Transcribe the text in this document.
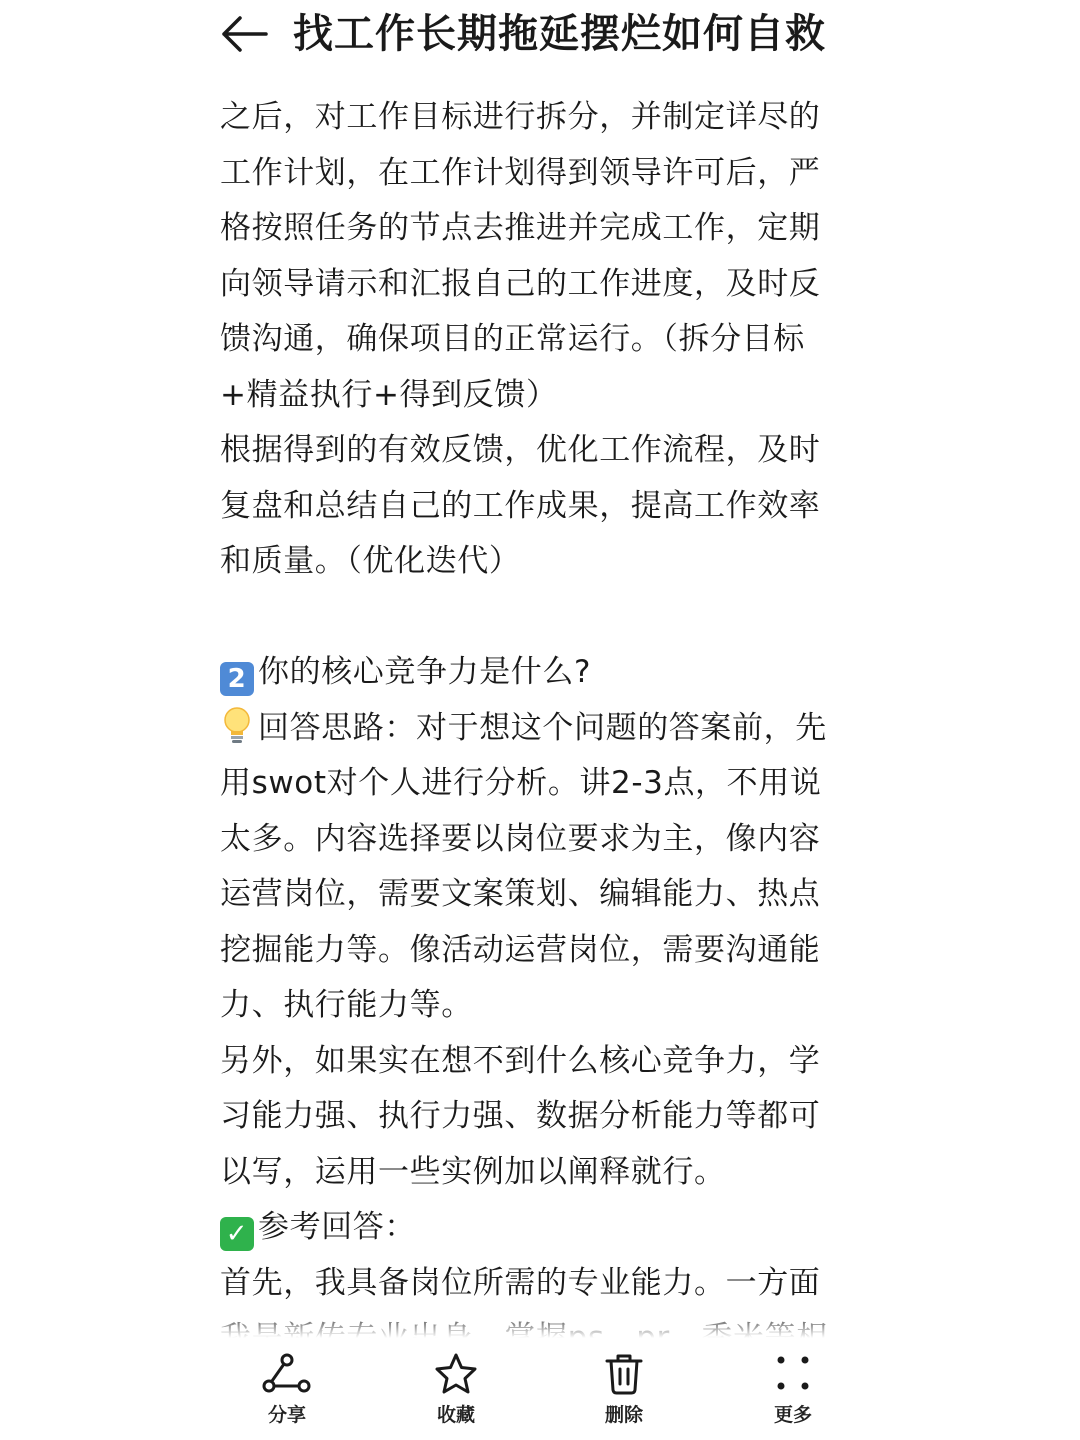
找工作长期拖延摆烂如何自救
之后，对工作目标进行拆分，并制定详尽的
工作计划，在工作计划得到领导许可后，严
格按照任务的节点去推进并完成工作，定期
向领导请示和汇报自己的工作进度，及时反
馈沟通，确保项目的正常运行。（拆分目标
+精益执行+得到反馈）
根据得到的有效反馈，优化工作流程，及时
复盘和总结自己的工作成果，提高工作效率
和质量。（优化迭代）
2 你的核心竞争力是什么?
回答思路：对于想这个问题的答案前，先
用swot对个人进行分析。讲2-3点，不用说
太多。内容选择要以岗位要求为主，像内容
运营岗位，需要文案策划、编辑能力、热点
挖掘能力等。像活动运营岗位，需要沟通能
力、执行能力等。
另外，如果实在想不到什么核心竞争力，学
习能力强、执行力强、数据分析能力等都可
以写，运用一些实例加以阐释就行。
✓ 参考回答：
首先，我具备岗位所需的专业能力。一方面
分享	收藏	删除	更多
